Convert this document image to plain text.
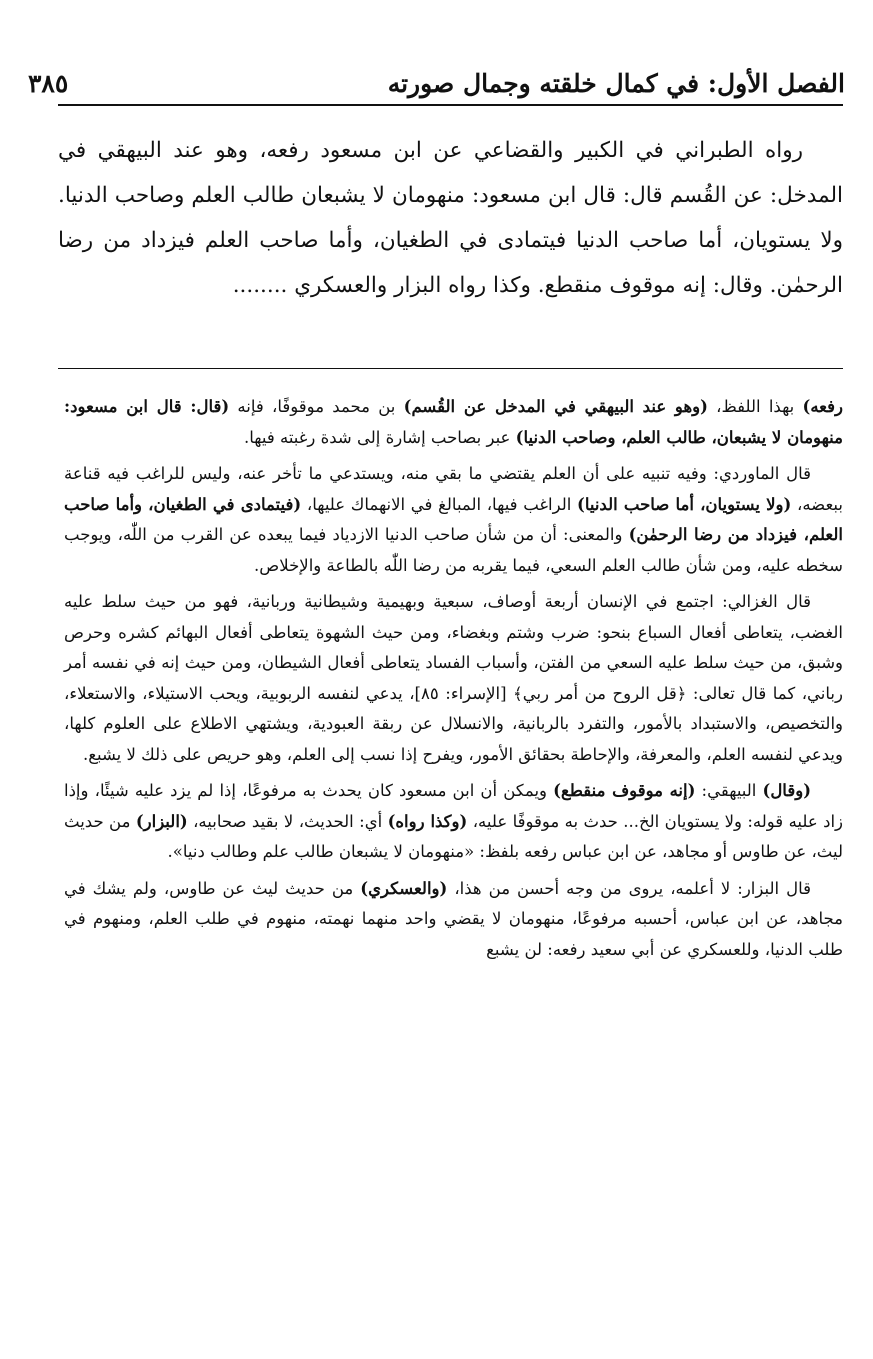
الفصل الأول: في كمال خلقته وجمال صورته
٣٨٥

رواه الطبراني في الكبير والقضاعي عن ابن مسعود رفعه، وهو عند البيهقي في المدخل: عن القُسم قال: قال ابن مسعود: منهومان لا يشبعان طالب العلم وصاحب الدنيا. ولا يستويان، أما صاحب الدنيا فيتمادى في الطغيان، وأما صاحب العلم فيزداد من رضا الرحمٰن. وقال: إنه موقوف منقطع. وكذا رواه البزار والعسكري ........

رفعه) بهذا اللفظ، (وهو عند البيهقي في المدخل عن القُسم) بن محمد موقوفًا، فإنه (قال: قال ابن مسعود: منهومان لا يشبعان، طالب العلم، وصاحب الدنيا) عبر بصاحب إشارة إلى شدة رغبته فيها.

قال الماوردي: وفيه تنبيه على أن العلم يقتضي ما بقي منه، ويستدعي ما تأخر عنه، وليس للراغب فيه قناعة ببعضه، (ولا يستويان، أما صاحب الدنيا) الراغب فيها، المبالغ في الانهماك عليها، (فيتمادى في الطغيان، وأما صاحب العلم، فيزداد من رضا الرحمٰن) والمعنى: أن من شأن صاحب الدنيا الازدياد فيما يبعده عن القرب من اللّٰه، ويوجب سخطه عليه، ومن شأن طالب العلم السعي، فيما يقربه من رضا اللّٰه بالطاعة والإخلاص.

قال الغزالي: اجتمع في الإنسان أربعة أوصاف، سبعية وبهيمية وشيطانية وربانية، فهو من حيث سلط عليه الغضب، يتعاطى أفعال السباع بنحو: ضرب وشتم وبغضاء، ومن حيث الشهوة يتعاطى أفعال البهائم كشره وحرص وشبق، من حيث سلط عليه السعي من الفتن، وأسباب الفساد يتعاطى أفعال الشيطان، ومن حيث إنه في نفسه أمر رباني، كما قال تعالى: ﴿قل الروح من أمر ربي﴾ [الإسراء: ٨٥]، يدعي لنفسه الربوبية، ويحب الاستيلاء، والاستعلاء، والتخصيص، والاستبداد بالأمور، والتفرد بالربانية، والانسلال عن ربقة العبودية، ويشتهي الاطلاع على العلوم كلها، ويدعي لنفسه العلم، والمعرفة، والإحاطة بحقائق الأمور، ويفرح إذا نسب إلى العلم، وهو حريص على ذلك لا يشبع.

(وقال) البيهقي: (إنه موقوف منقطع) ويمكن أن ابن مسعود كان يحدث به مرفوعًا، إذا لم يزد عليه شيئًا، وإذا زاد عليه قوله: ولا يستويان الخ... حدث به موقوفًا عليه، (وكذا رواه) أي: الحديث، لا بقيد صحابيه، (البزار) من حديث ليث، عن طاوس أو مجاهد، عن ابن عباس رفعه بلفظ: «منهومان لا يشبعان طالب علم وطالب دنيا».

قال البزار: لا أعلمه، يروى من وجه أحسن من هذا، (والعسكري) من حديث ليث عن طاوس، ولم يشك في مجاهد، عن ابن عباس، أحسبه مرفوعًا، منهومان لا يقضي واحد منهما نهمته، منهوم في طلب العلم، ومنهوم في طلب الدنيا، وللعسكري عن أبي سعيد رفعه: لن يشبع
